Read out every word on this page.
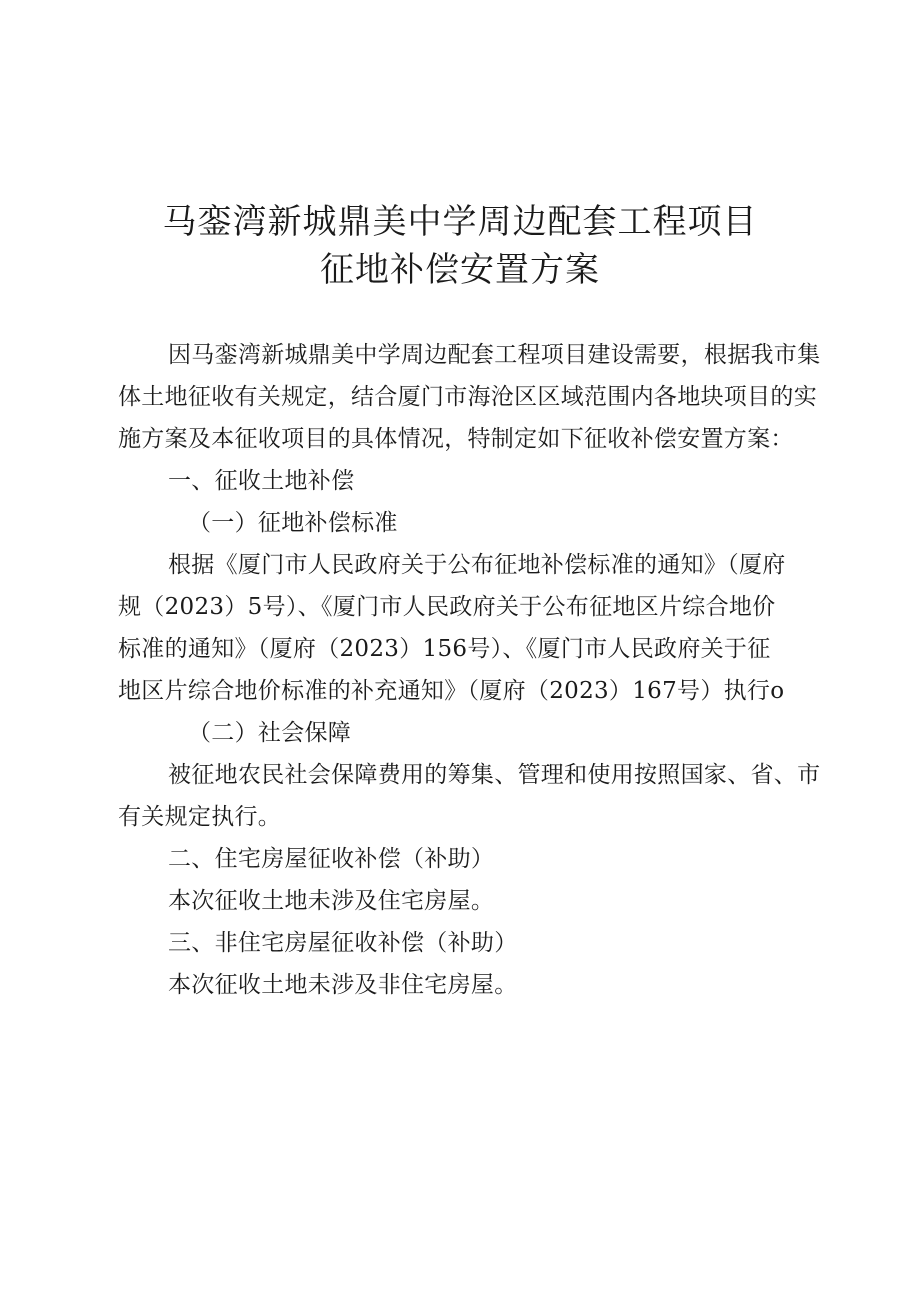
马銮湾新城鼎美中学周边配套工程项目
征地补偿安置方案
因马銮湾新城鼎美中学周边配套工程项目建设需要，根据我市集
体土地征收有关规定，结合厦门市海沧区区域范围内各地块项目的实
施方案及本征收项目的具体情况，特制定如下征收补偿安置方案：
一、征收土地补偿
（一）征地补偿标准
根据《厦门市人民政府关于公布征地补偿标准的通知》（厦府
规（2023）5号）、《厦门市人民政府关于公布征地区片综合地价
标准的通知》（厦府（2023）156号）、《厦门市人民政府关于征
地区片综合地价标准的补充通知》（厦府（2023）167号）执行o
（二）社会保障
被征地农民社会保障费用的筹集、管理和使用按照国家、省、市
有关规定执行。
二、住宅房屋征收补偿（补助）
本次征收土地未涉及住宅房屋。
三、非住宅房屋征收补偿（补助）
本次征收土地未涉及非住宅房屋。
